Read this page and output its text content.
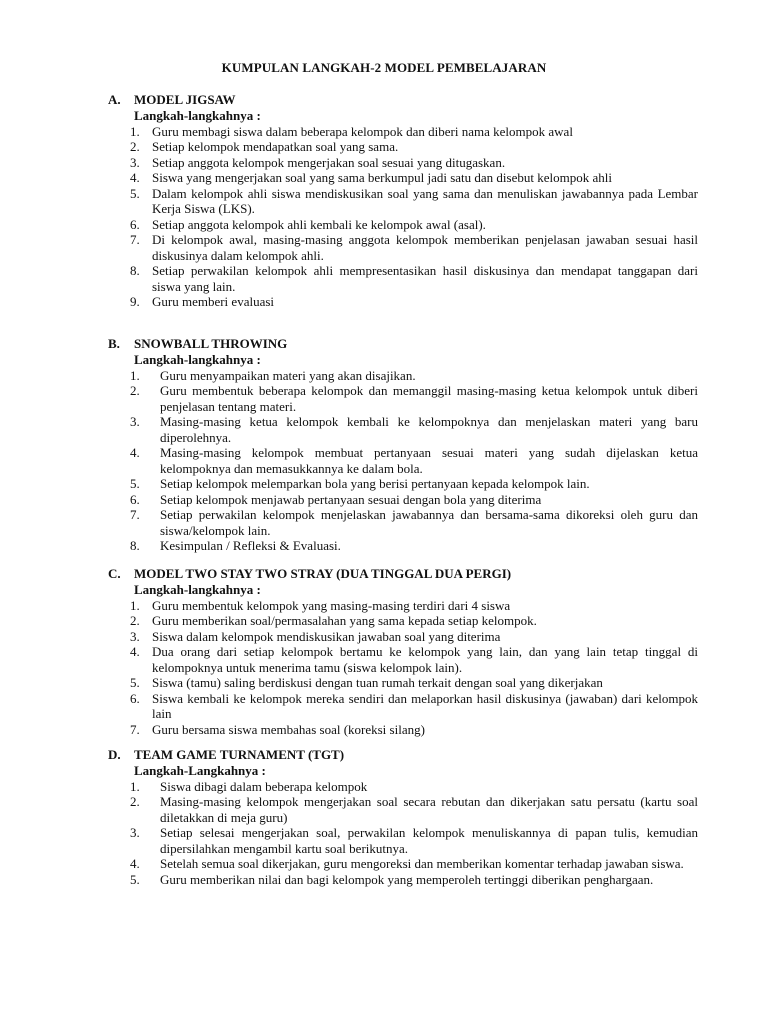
KUMPULAN LANGKAH-2 MODEL PEMBELAJARAN
A.	MODEL JIGSAW
Langkah-langkahnya :
1. Guru membagi siswa dalam beberapa kelompok dan diberi nama kelompok awal
2. Setiap kelompok mendapatkan soal yang sama.
3. Setiap anggota kelompok mengerjakan soal sesuai yang ditugaskan.
4. Siswa yang mengerjakan soal yang sama berkumpul jadi satu dan disebut kelompok ahli
5. Dalam kelompok ahli siswa mendiskusikan soal yang sama dan menuliskan jawabannya pada Lembar Kerja Siswa (LKS).
6. Setiap anggota kelompok ahli kembali ke kelompok awal (asal).
7. Di kelompok awal, masing-masing anggota kelompok memberikan penjelasan jawaban sesuai hasil diskusinya dalam kelompok ahli.
8. Setiap perwakilan kelompok ahli mempresentasikan hasil diskusinya dan mendapat tanggapan dari siswa yang lain.
9. Guru memberi evaluasi
B.	SNOWBALL THROWING
Langkah-langkahnya :
1.	Guru menyampaikan materi yang akan disajikan.
2.	Guru membentuk beberapa kelompok dan memanggil masing-masing ketua kelompok untuk diberi penjelasan tentang materi.
3.	Masing-masing ketua kelompok kembali ke kelompoknya dan menjelaskan materi yang baru diperolehnya.
4.	Masing-masing kelompok membuat pertanyaan sesuai materi yang sudah dijelaskan ketua kelompoknya dan memasukkannya ke dalam bola.
5.	Setiap kelompok melemparkan bola yang berisi pertanyaan kepada kelompok lain.
6.	Setiap kelompok menjawab pertanyaan sesuai dengan bola yang diterima
7.	Setiap perwakilan kelompok menjelaskan jawabannya dan bersama-sama dikoreksi oleh guru dan siswa/kelompok lain.
8.	Kesimpulan / Refleksi & Evaluasi.
C.	MODEL TWO STAY TWO STRAY (DUA TINGGAL DUA PERGI)
Langkah-langkahnya :
1. Guru membentuk kelompok yang masing-masing terdiri dari 4 siswa
2. Guru memberikan soal/permasalahan yang sama kepada setiap kelompok.
3. Siswa dalam kelompok mendiskusikan jawaban soal yang diterima
4. Dua orang dari setiap kelompok bertamu ke kelompok yang lain, dan yang lain tetap tinggal di kelompoknya untuk menerima tamu (siswa kelompok lain).
5. Siswa (tamu) saling berdiskusi dengan tuan rumah terkait dengan soal yang dikerjakan
6. Siswa kembali ke kelompok mereka sendiri dan melaporkan hasil diskusinya (jawaban) dari kelompok lain
7. Guru bersama siswa membahas soal (koreksi silang)
D.	TEAM GAME TURNAMENT (TGT)
Langkah-Langkahnya :
1.	Siswa dibagi dalam beberapa kelompok
2.	Masing-masing kelompok mengerjakan soal secara rebutan dan dikerjakan satu persatu (kartu soal diletakkan di meja guru)
3.	Setiap selesai mengerjakan soal, perwakilan kelompok menuliskannya di papan tulis, kemudian dipersilahkan mengambil kartu soal berikutnya.
4.	Setelah semua soal dikerjakan, guru mengoreksi dan memberikan komentar terhadap jawaban siswa.
5.	Guru memberikan nilai dan bagi kelompok yang memperoleh tertinggi diberikan penghargaan.
